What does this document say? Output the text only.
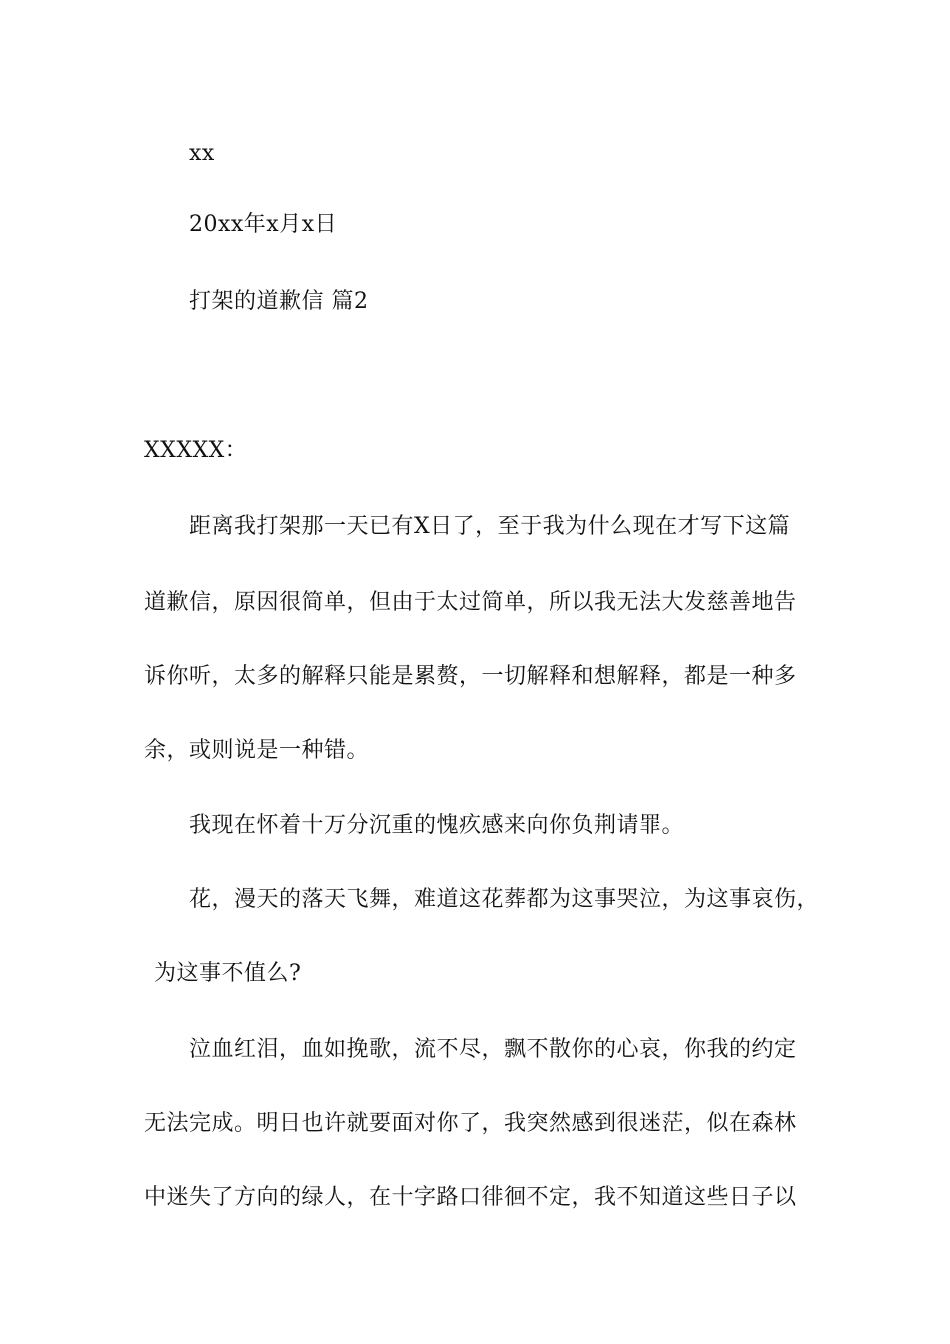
xx
20xx年x月x日
打架的道歉信 篇2
XXXXX：
距离我打架那一天已有X日了，至于我为什么现在才写下这篇
道歉信，原因很简单，但由于太过简单，所以我无法大发慈善地告
诉你听，太多的解释只能是累赘，一切解释和想解释，都是一种多
余，或则说是一种错。
我现在怀着十万分沉重的愧疚感来向你负荆请罪。
花，漫天的落天飞舞，难道这花葬都为这事哭泣，为这事哀伤，
为这事不值么?
泣血红泪，血如挽歌，流不尽，飘不散你的心哀，你我的约定
无法完成。明日也许就要面对你了，我突然感到很迷茫，似在森林
中迷失了方向的绿人，在十字路口徘徊不定，我不知道这些日子以
